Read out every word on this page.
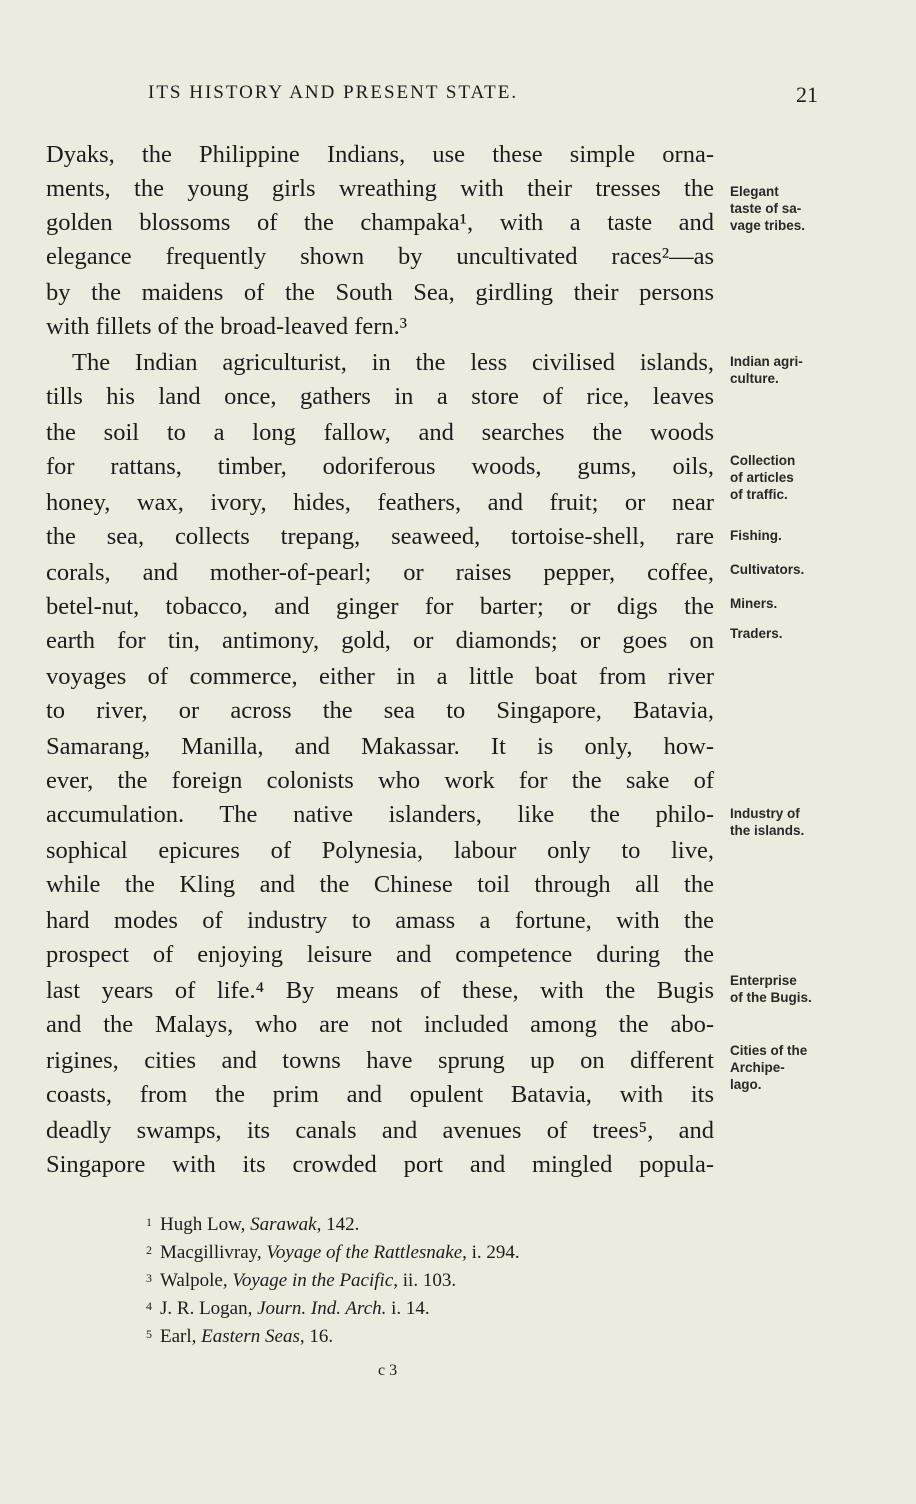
ITS HISTORY AND PRESENT STATE.	21
Dyaks, the Philippine Indians, use these simple orna-
ments, the young girls wreathing with their tresses the
golden blossoms of the champaka¹, with a taste and
elegance frequently shown by uncultivated races²—as
by the maidens of the South Sea, girdling their persons
with fillets of the broad-leaved fern.³
The Indian agriculturist, in the less civilised islands,
tills his land once, gathers in a store of rice, leaves
the soil to a long fallow, and searches the woods
for rattans, timber, odoriferous woods, gums, oils,
honey, wax, ivory, hides, feathers, and fruit; or near
the sea, collects trepang, seaweed, tortoise-shell, rare
corals, and mother-of-pearl; or raises pepper, coffee,
betel-nut, tobacco, and ginger for barter; or digs the
earth for tin, antimony, gold, or diamonds; or goes on
voyages of commerce, either in a little boat from river
to river, or across the sea to Singapore, Batavia,
Samarang, Manilla, and Makassar. It is only, how-
ever, the foreign colonists who work for the sake of
accumulation. The native islanders, like the philo-
sophical epicures of Polynesia, labour only to live,
while the Kling and the Chinese toil through all the
hard modes of industry to amass a fortune, with the
prospect of enjoying leisure and competence during the
last years of life.⁴ By means of these, with the Bugis
and the Malays, who are not included among the abo-
rigines, cities and towns have sprung up on different
coasts, from the prim and opulent Batavia, with its
deadly swamps, its canals and avenues of trees⁵, and
Singapore with its crowded port and mingled popula-
Elegant
taste of sa-
vage tribes.
Indian agri-
culture.
Collection
of articles
of traffic.
Fishing.
Cultivators.
Miners.
Traders.
Industry of
the islands.
Enterprise
of the Bugis.
Cities of the
Archipe-
lago.
$^1$ Hugh Low, Sarawak, 142.
$^2$ Macgillivray, Voyage of the Rattlesnake, i. 294.
$^3$ Walpole, Voyage in the Pacific, ii. 103.
$^4$ J. R. Logan, Journ. Ind. Arch. i. 14.
$^5$ Earl, Eastern Seas, 16.
c 3
